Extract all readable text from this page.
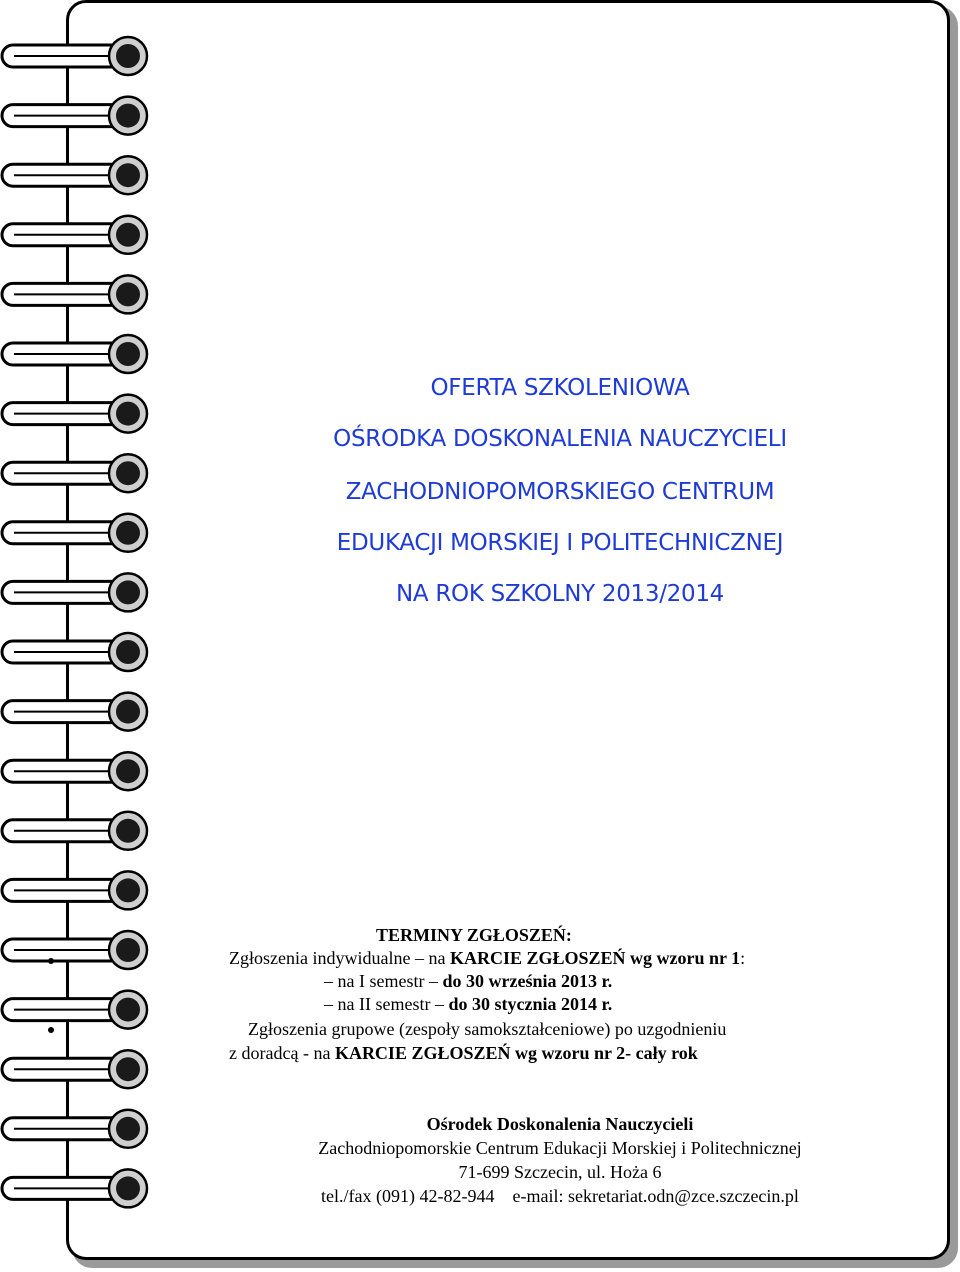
OFERTA SZKOLENIOWA
OŚRODKA DOSKONALENIA NAUCZYCIELI
ZACHODNIOPOMORSKIEGO CENTRUM
EDUKACJI MORSKIEJ I POLITECHNICZNEJ
NA ROK SZKOLNY 2013/2014
TERMINY ZGŁOSZEŃ:
Zgłoszenia indywidualne – na KARCIE ZGŁOSZEŃ wg wzoru nr 1:
– na I semestr – do 30 września 2013 r.
– na II semestr – do 30 stycznia 2014 r.
Zgłoszenia grupowe (zespoły samokształceniowe) po uzgodnieniu
z doradcą - na KARCIE ZGŁOSZEŃ wg wzoru nr 2- cały rok
Ośrodek Doskonalenia Nauczycieli
Zachodniopomorskie Centrum Edukacji Morskiej i Politechnicznej
71-699 Szczecin, ul. Hoża 6
tel./fax (091) 42-82-944 e-mail: sekretariat.odn@zce.szczecin.pl
